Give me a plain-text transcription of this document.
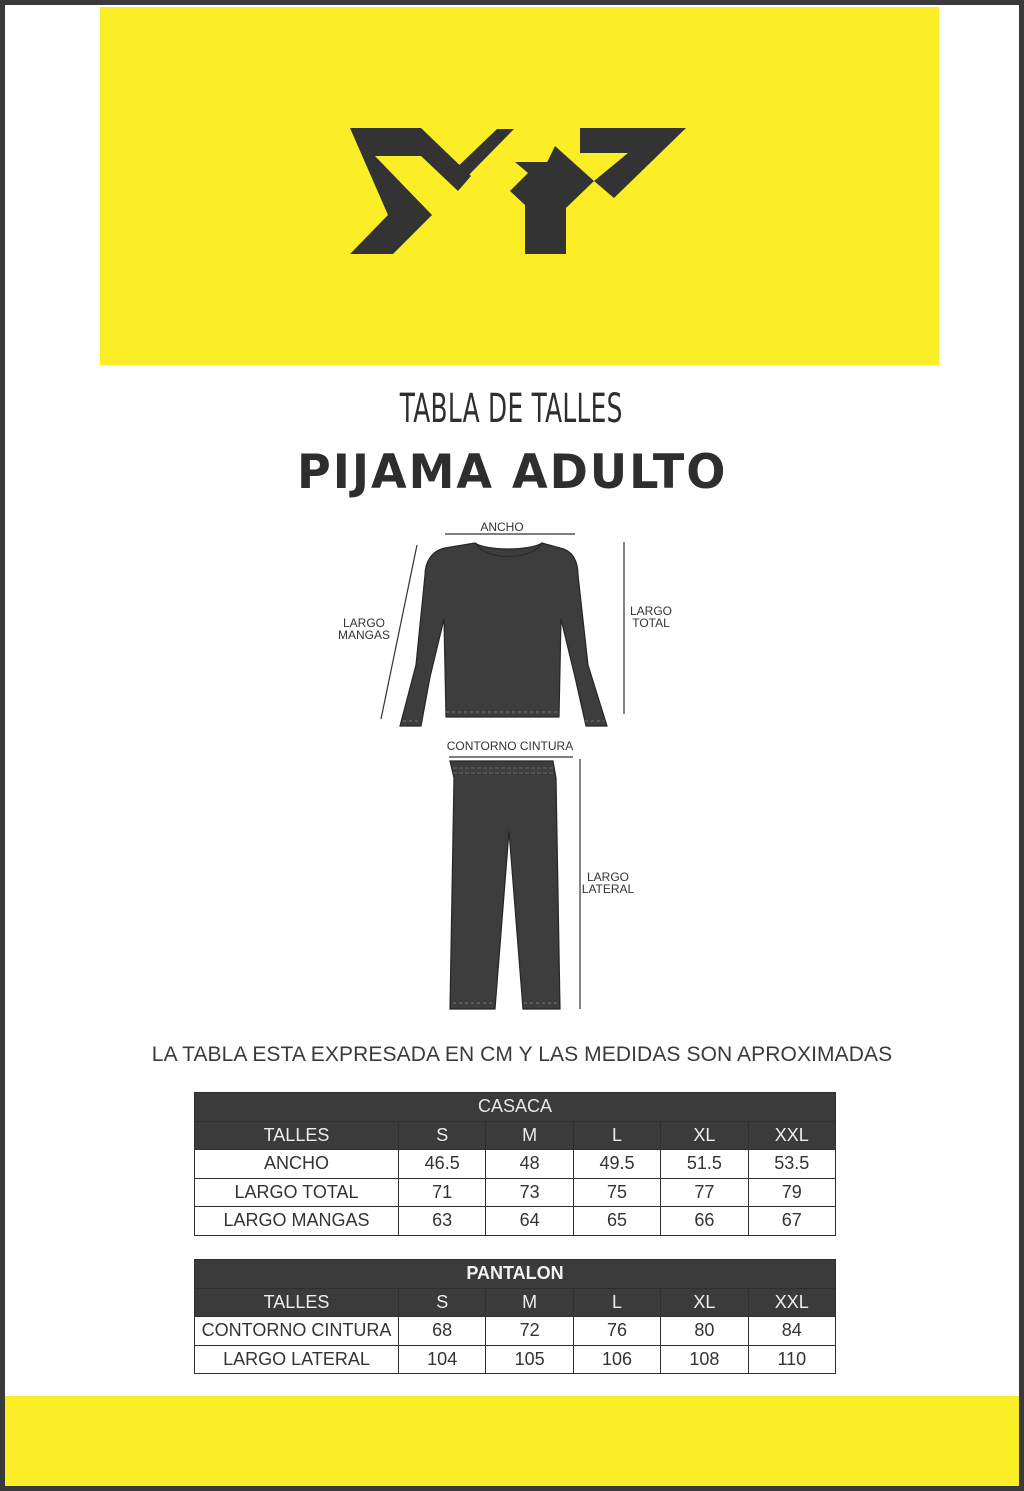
TABLA DE TALLES
PIJAMA ADULTO
ANCHO
LARGO
MANGAS
LARGO
TOTAL
CONTORNO CINTURA
LARGO
LATERAL
LA TABLA ESTA EXPRESADA EN CM Y LAS MEDIDAS SON APROXIMADAS
CASACA					
TALLES	S	M	L	XL	XXL
ANCHO	46.5	48	49.5	51.5	53.5
LARGO TOTAL	71	73	75	77	79
LARGO MANGAS	63	64	65	66	67
PANTALON					
TALLES	S	M	L	XL	XXL
CONTORNO CINTURA	68	72	76	80	84
LARGO LATERAL	104	105	106	108	110
